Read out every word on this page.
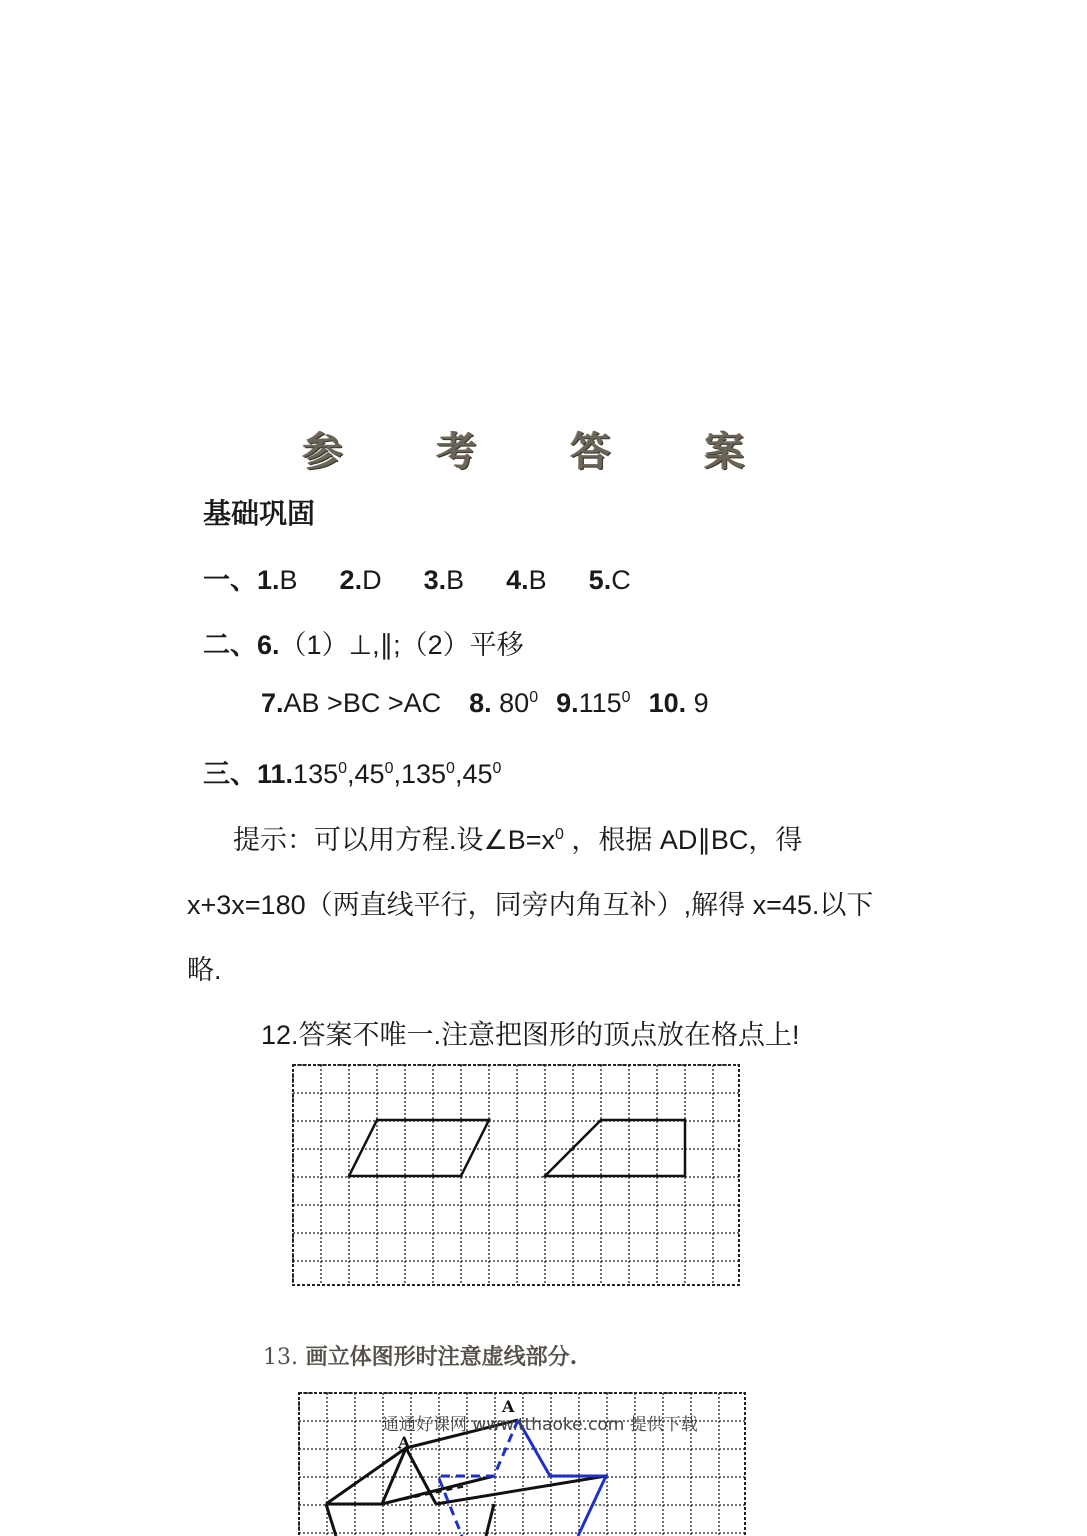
参 考 答 案
基础巩固
一、1.B 2.D 3.B 4.B 5.C
二、6.（1）⊥,∥;（2）平移
7.AB >BC >AC 8. $80^0$ 9.115$^0$ 10. 9
三、$11.135^0,45^0,135^0,45^0$
提示：可以用方程.设$\angle B=x^0$ ，根据 AD∥BC，得
x+3x=180（两直线平行，同旁内角互补）,解得 x=45.以下
略.
12.答案不唯一.注意把图形的顶点放在格点上!
13. 画立体图形时注意虚线部分.
A
A
通通好课网 www.tthaoke.com 提供下载
